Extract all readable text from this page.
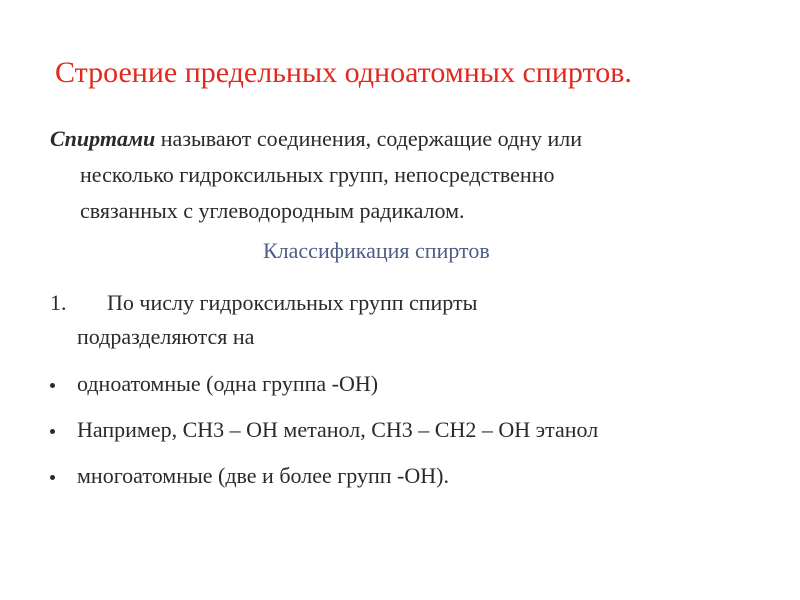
Строение предельных одноатомных спиртов.
Спиртами называют соединения, содержащие одну или
несколько гидроксильных групп, непосредственно
связанных с углеводородным радикалом.
Классификация спиртов
1. По числу гидроксильных групп спирты
подразделяются на
одноатомные (одна группа -ОН)
Например, СН3 – ОН метанол, СН3 – СН2 – ОН этанол
многоатомные (две и более групп -ОН).
